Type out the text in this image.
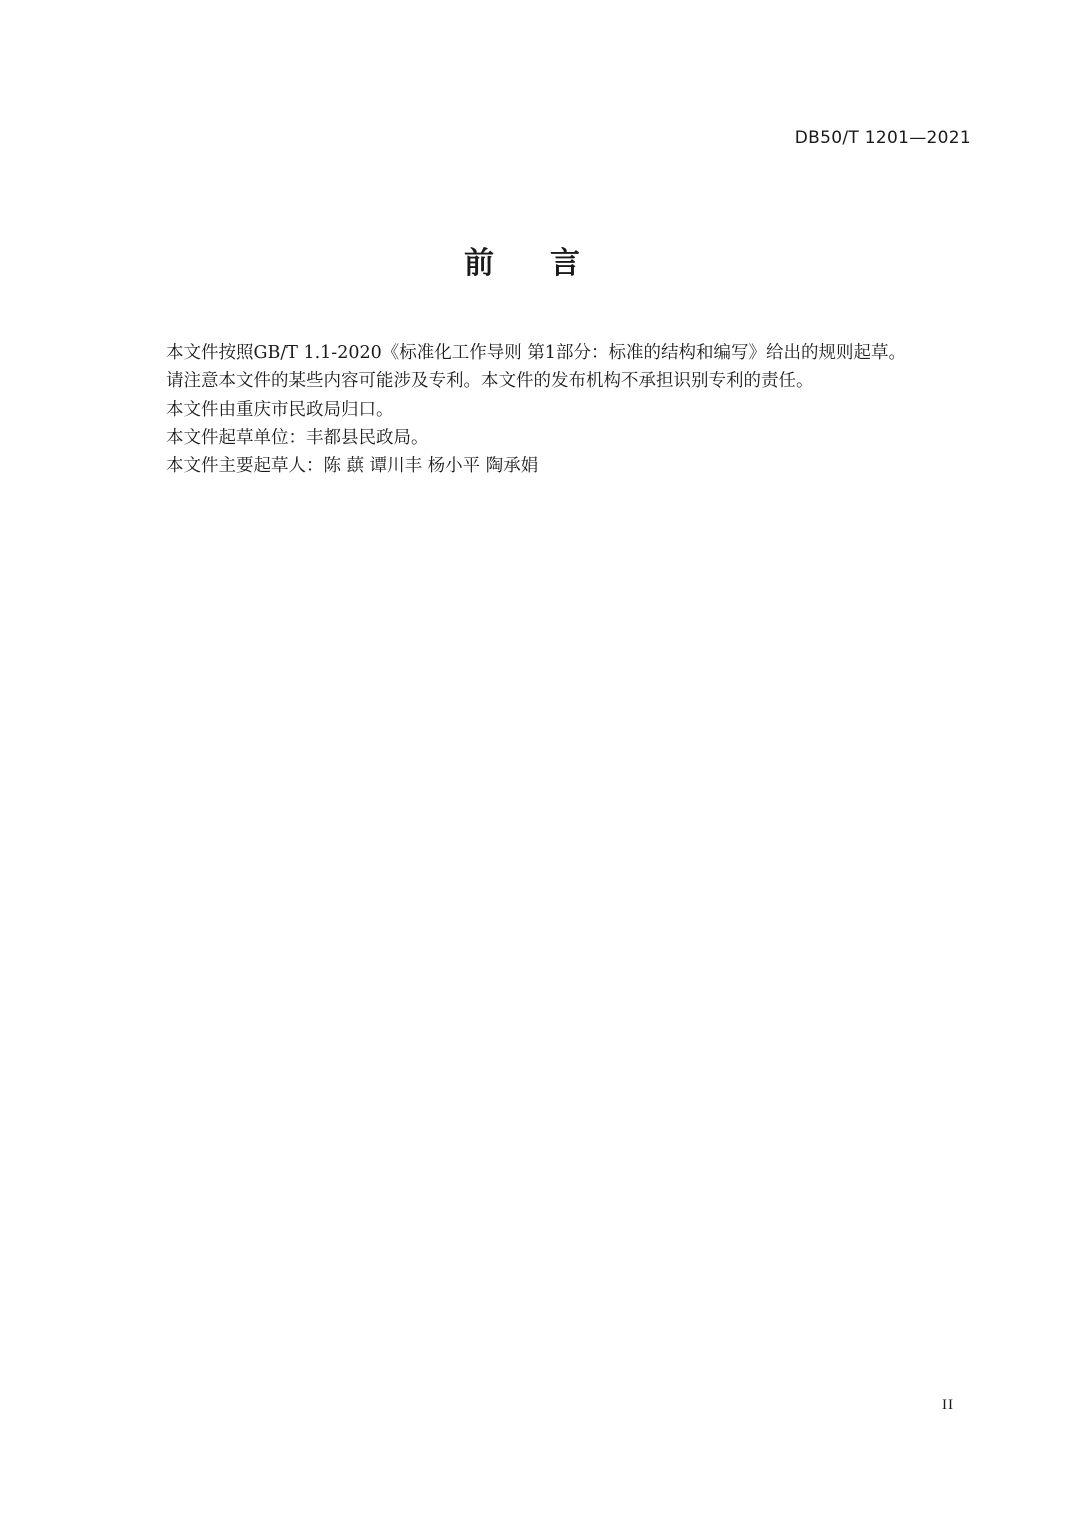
DB50/T 1201—2021
前言

本文件按照GB/T 1.1-2020《标准化工作导则 第1部分：标准的结构和编写》给出的规则起草。

请注意本文件的某些内容可能涉及专利。本文件的发布机构不承担识别专利的责任。

本文件由重庆市民政局归口。

本文件起草单位：丰都县民政局。

本文件主要起草人：陈 蕻 谭川丰 杨小平 陶承娟

II
